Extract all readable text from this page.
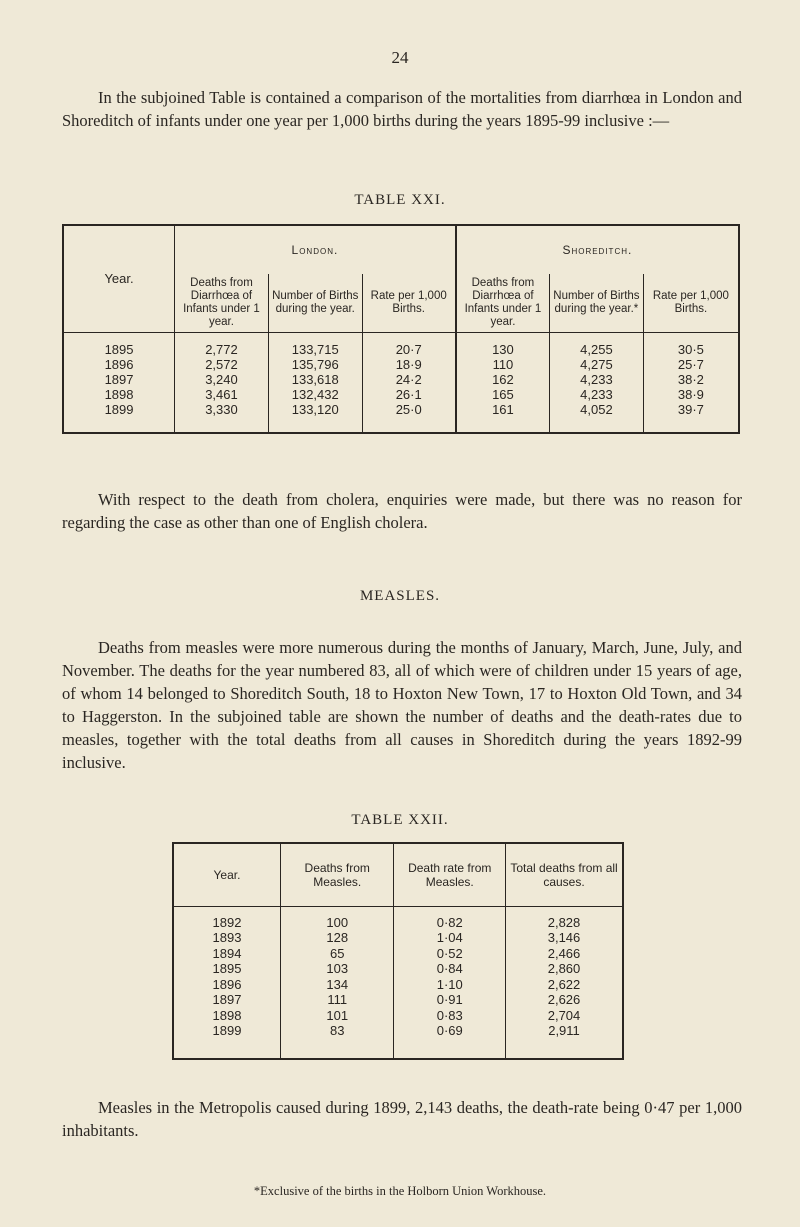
24
In the subjoined Table is contained a comparison of the mortalities from diarrhœa in London and Shoreditch of infants under one year per 1,000 births during the years 1895-99 inclusive :—
TABLE XXI.
Year.	London.			Shoreditch.		
	Deaths from Diarrhœa of Infants under 1 year.	Number of Births during the year.	Rate per 1,000 Births.	Deaths from Diarrhœa of Infants under 1 year.	Number of Births during the year.*	Rate per 1,000 Births.

1895	2,772	133,715	20·7	130	4,255	30·5
1896	2,572	135,796	18·9	110	4,275	25·7
1897	3,240	133,618	24·2	162	4,233	38·2
1898	3,461	132,432	26·1	165	4,233	38·9
1899	3,330	133,120	25·0	161	4,052	39·7

With respect to the death from cholera, enquiries were made, but there was no reason for regarding the case as other than one of English cholera.
MEASLES.
Deaths from measles were more numerous during the months of January, March, June, July, and November. The deaths for the year numbered 83, all of which were of children under 15 years of age, of whom 14 belonged to Shoreditch South, 18 to Hoxton New Town, 17 to Hoxton Old Town, and 34 to Haggerston. In the subjoined table are shown the number of deaths and the death-rates due to measles, together with the total deaths from all causes in Shoreditch during the years 1892-99 inclusive.
TABLE XXII.
Year.	Deaths from Measles.	Death rate from Measles.	Total deaths from all causes.

1892	100	0·82	2,828
1893	128	1·04	3,146
1894	65	0·52	2,466
1895	103	0·84	2,860
1896	134	1·10	2,622
1897	111	0·91	2,626
1898	101	0·83	2,704
1899	83	0·69	2,911

Measles in the Metropolis caused during 1899, 2,143 deaths, the death-rate being 0·47 per 1,000 inhabitants.
*Exclusive of the births in the Holborn Union Workhouse.
